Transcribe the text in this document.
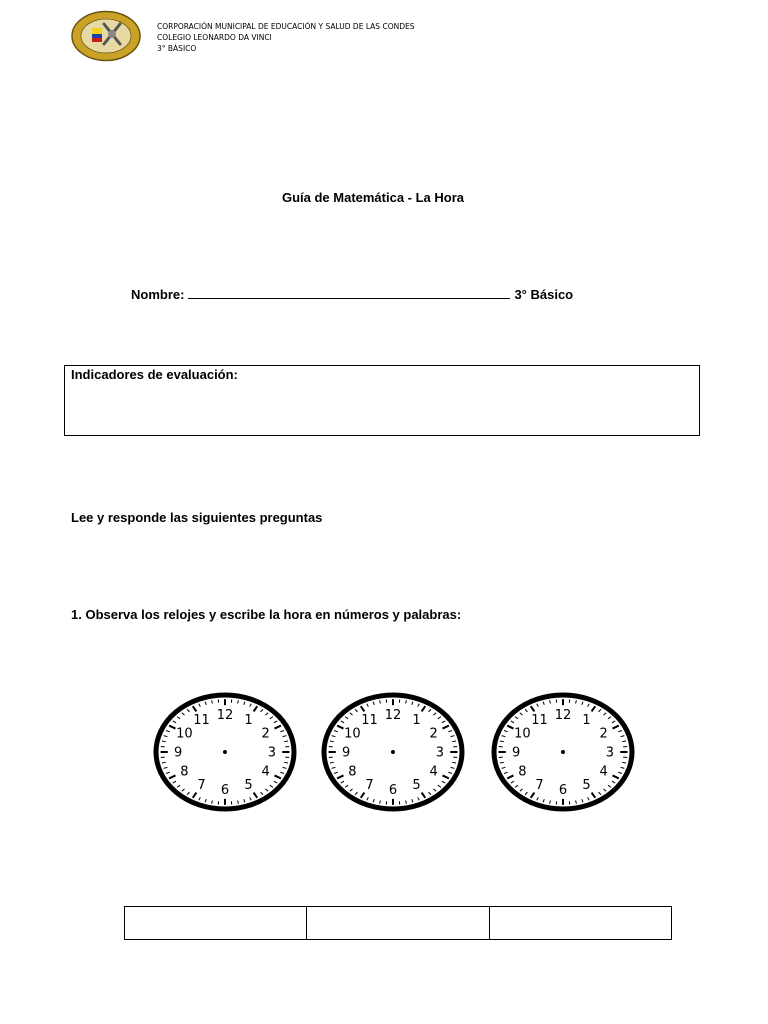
CORPORACIÓN MUNICIPAL DE EDUCACIÓN Y SALUD DE LAS CONDES
COLEGIO LEONARDO DA VINCI
3° BÁSICO
Guía de Matemática - La Hora
Nombre:	3° Básico
Indicadores de evaluación:
Lee y responde las siguientes preguntas
1. Observa los relojes y escribe la hora en números y palabras:
12 1
2
3
4
5
6
7
8
9
10
11	12 1
2
3
4
5
6
7
8
9
10
11	12 1
2
3
4
5
6
7
8
9
10
11
